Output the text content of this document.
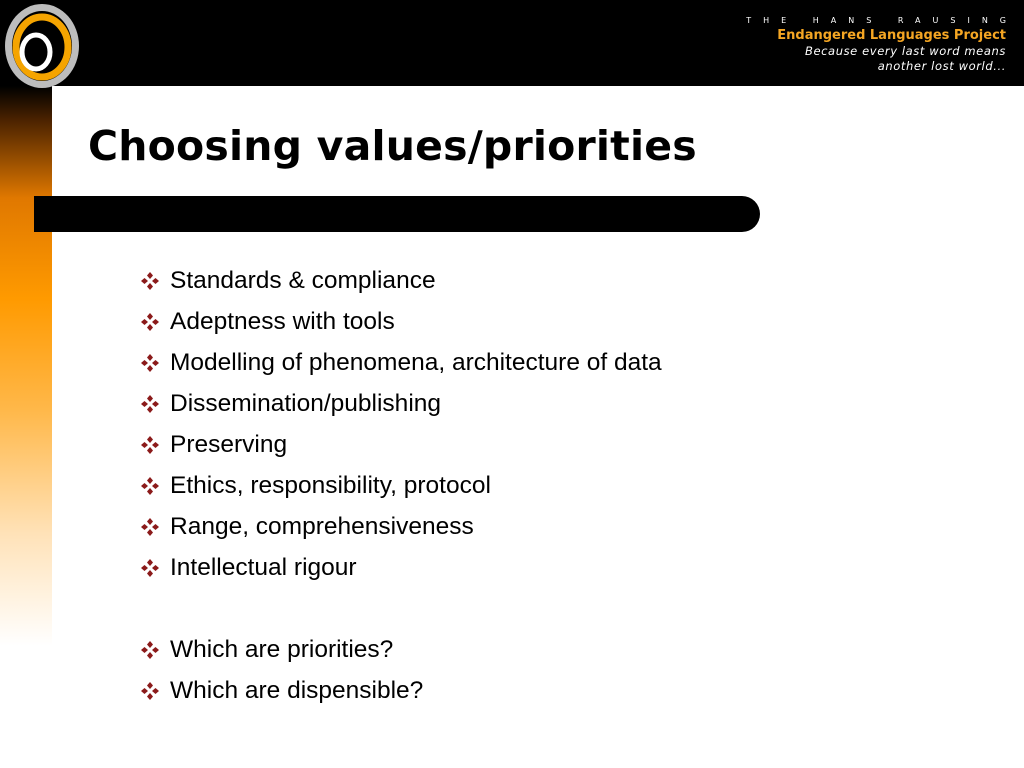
THE HANS RAUSING
Endangered Languages Project
Because every last word means
another lost world...
Choosing values/priorities
Standards & compliance
Adeptness with tools
Modelling of phenomena, architecture of data
Dissemination/publishing
Preserving
Ethics, responsibility, protocol
Range, comprehensiveness
Intellectual rigour
Which are priorities?
Which are dispensible?
